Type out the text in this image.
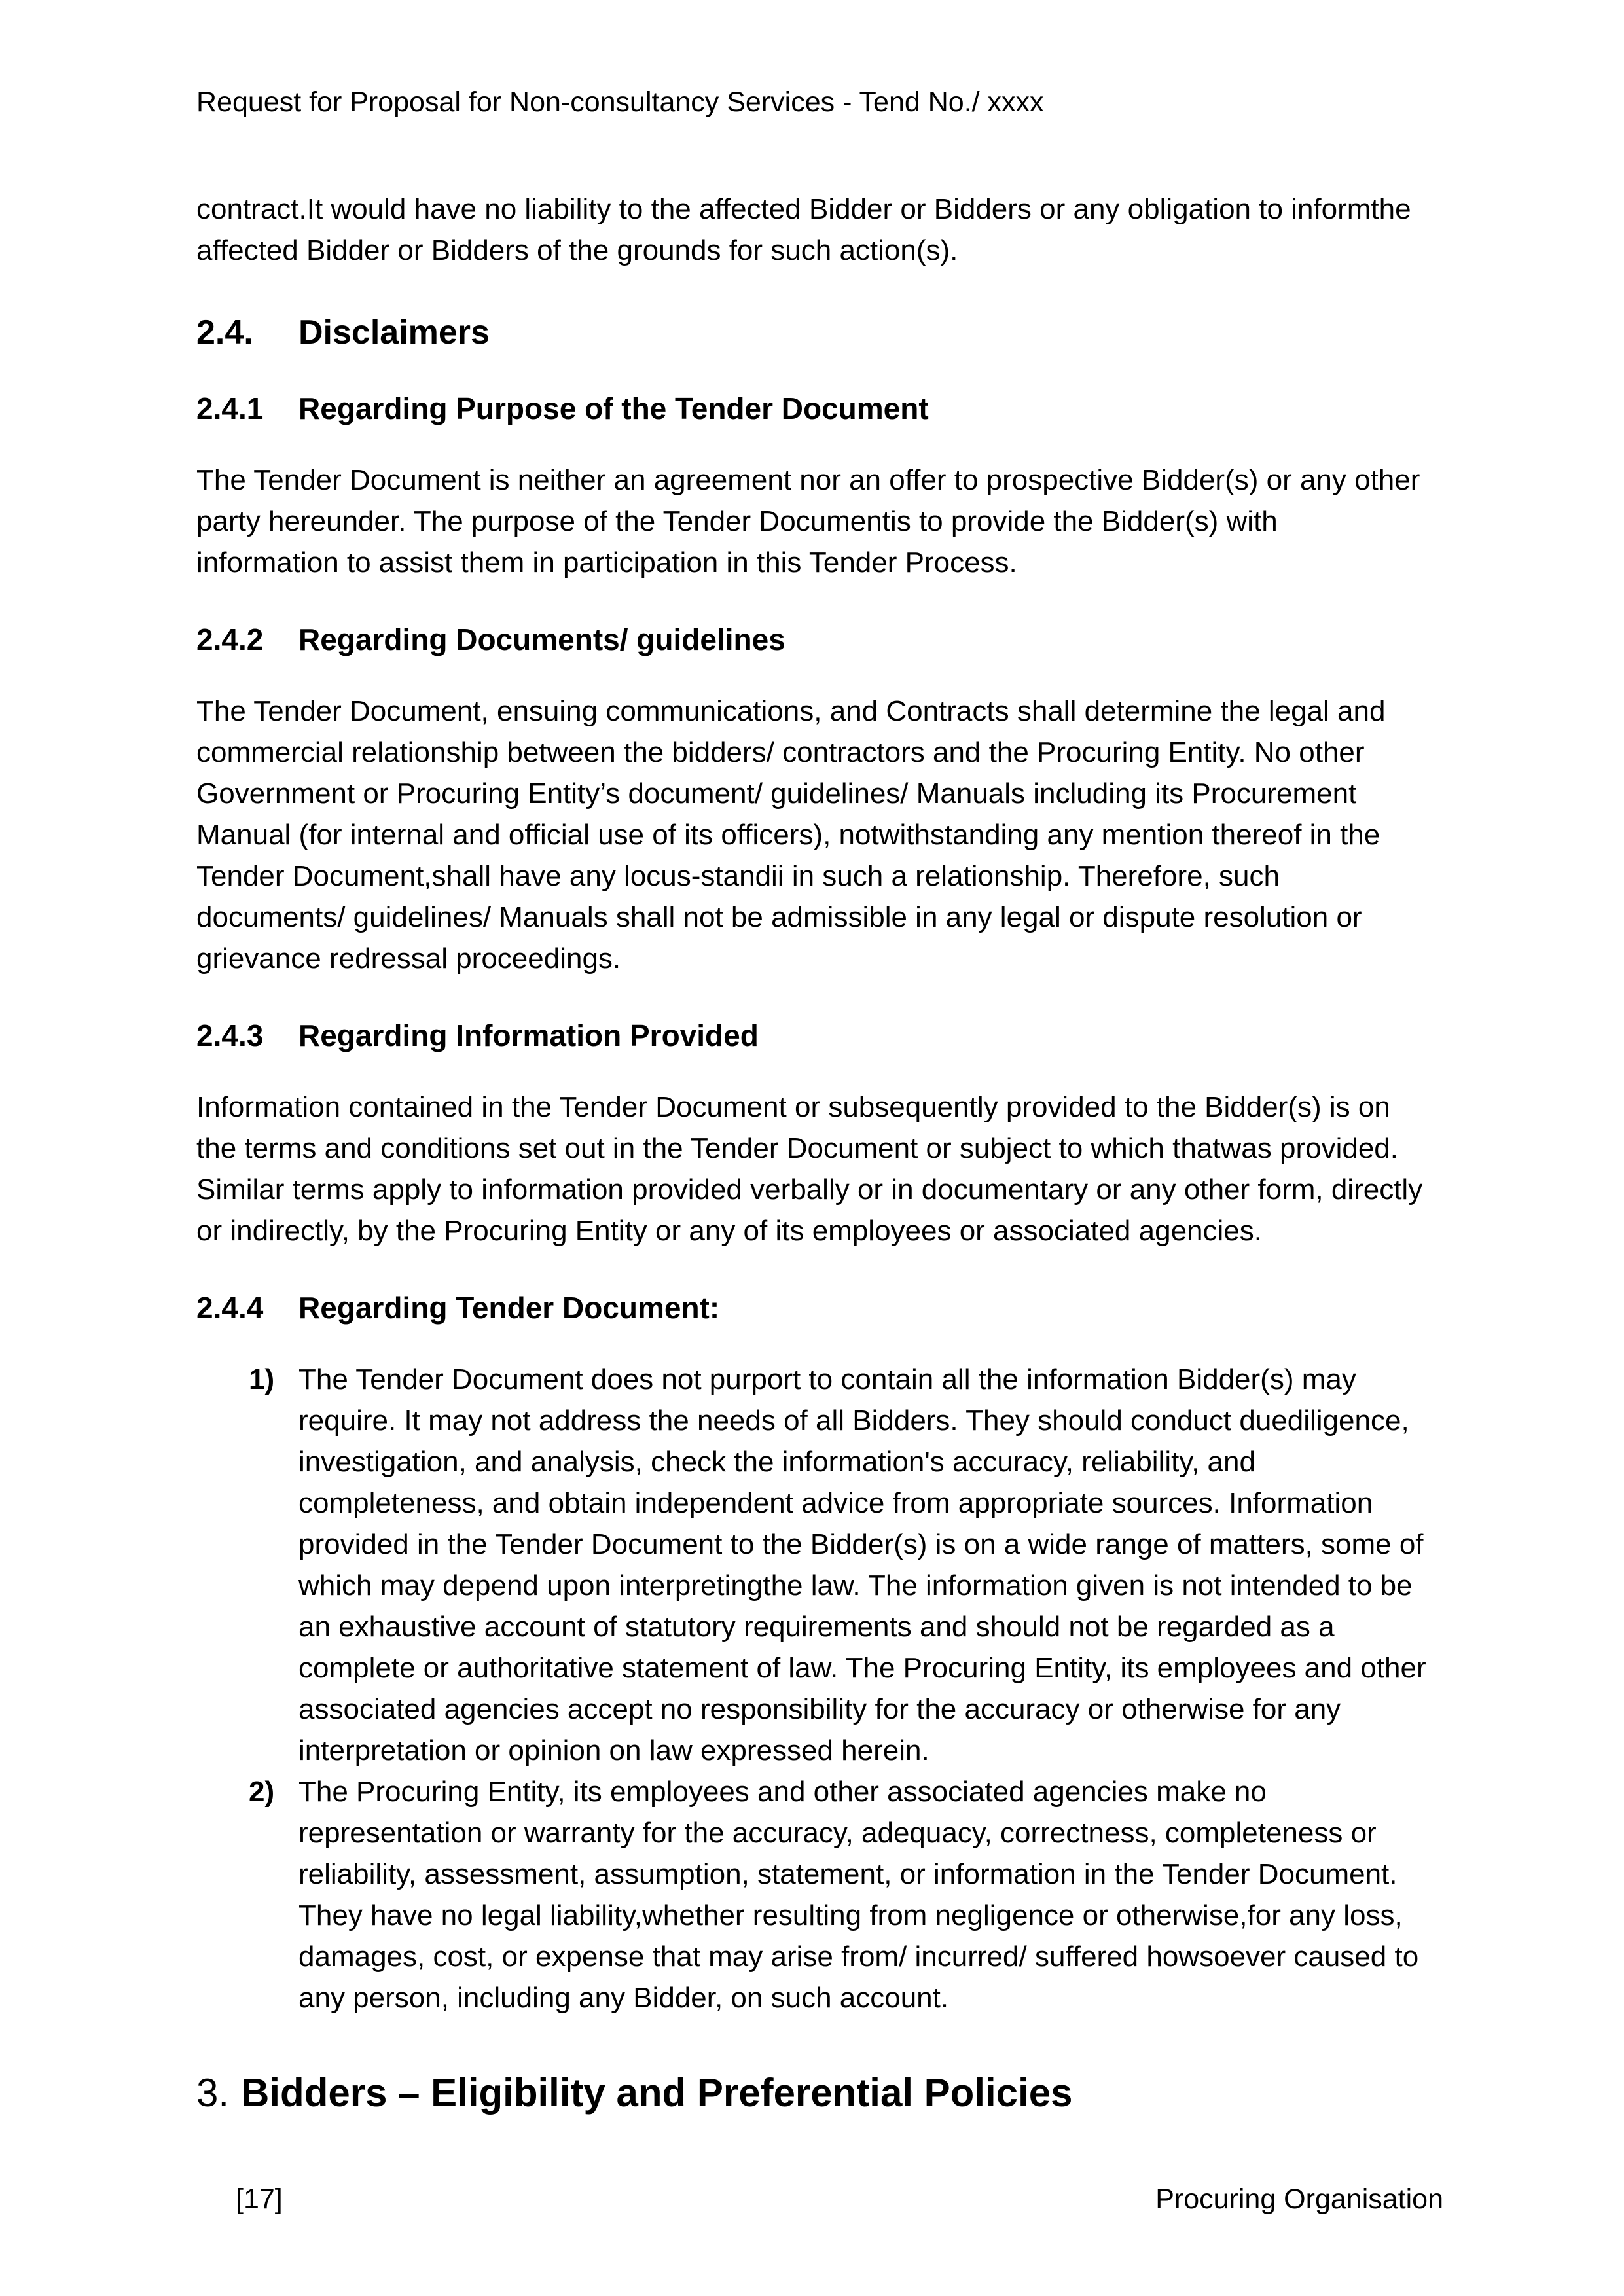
Request for Proposal for Non-consultancy Services - Tend No./ xxxx

contract.It would have no liability to the affected Bidder or Bidders or any obligation to informthe affected Bidder or Bidders of the grounds for such action(s).

2.4. Disclaimers
2.4.1 Regarding Purpose of the Tender Document

The Tender Document is neither an agreement nor an offer to prospective Bidder(s) or any other party hereunder. The purpose of the Tender Documentis to provide the Bidder(s) with information to assist them in participation in this Tender Process.

2.4.2 Regarding Documents/ guidelines

The Tender Document, ensuing communications, and Contracts shall determine the legal and commercial relationship between the bidders/ contractors and the Procuring Entity. No other Government or Procuring Entity’s document/ guidelines/ Manuals including its Procurement Manual (for internal and official use of its officers), notwithstanding any mention thereof in the Tender Document,shall have any locus-standii in such a relationship. Therefore, such documents/ guidelines/ Manuals shall not be admissible in any legal or dispute resolution or grievance redressal proceedings.

2.4.3 Regarding Information Provided

Information contained in the Tender Document or subsequently provided to the Bidder(s) is on the terms and conditions set out in the Tender Document or subject to which thatwas provided. Similar terms apply to information provided verbally or in documentary or any other form, directly or indirectly, by the Procuring Entity or any of its employees or associated agencies.

2.4.4 Regarding Tender Document:
1) The Tender Document does not purport to contain all the information Bidder(s) may require. It may not address the needs of all Bidders. They should conduct duediligence, investigation, and analysis, check the information's accuracy, reliability, and completeness, and obtain independent advice from appropriate sources. Information provided in the Tender Document to the Bidder(s) is on a wide range of matters, some of which may depend upon interpretingthe law. The information given is not intended to be an exhaustive account of statutory requirements and should not be regarded as a complete or authoritative statement of law. The Procuring Entity, its employees and other associated agencies accept no responsibility for the accuracy or otherwise for any interpretation or opinion on law expressed herein.
2) The Procuring Entity, its employees and other associated agencies make no representation or warranty for the accuracy, adequacy, correctness, completeness or reliability, assessment, assumption, statement, or information in the Tender Document. They have no legal liability,whether resulting from negligence or otherwise,for any loss, damages, cost, or expense that may arise from/ incurred/ suffered howsoever caused to any person, including any Bidder, on such account.
3. Bidders – Eligibility and Preferential Policies
[17]	Procuring Organisation
